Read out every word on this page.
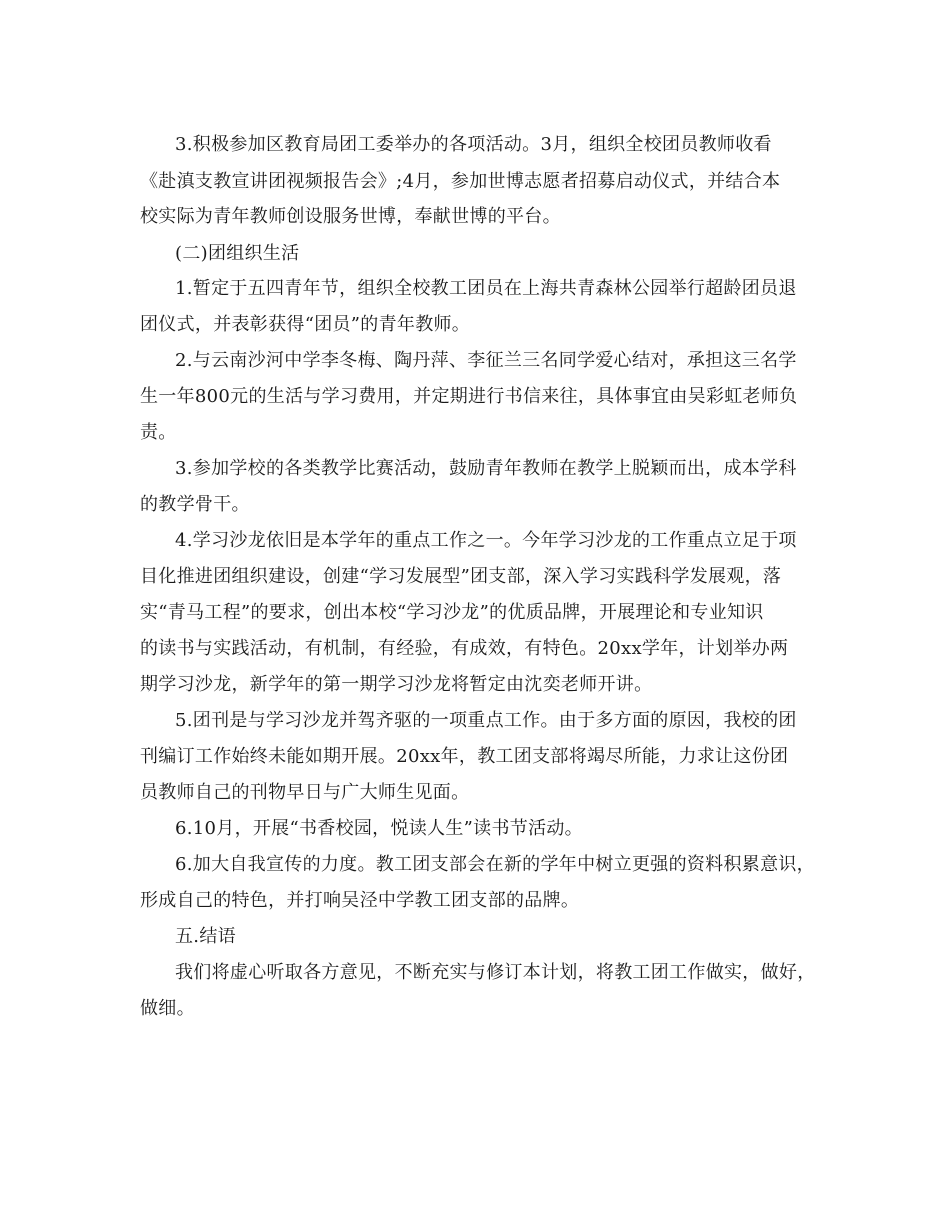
3.积极参加区教育局团工委举办的各项活动。3月，组织全校团员教师收看
《赴滇支教宣讲团视频报告会》;4月，参加世博志愿者招募启动仪式，并结合本
校实际为青年教师创设服务世博，奉献世博的平台。
(二)团组织生活
1.暂定于五四青年节，组织全校教工团员在上海共青森林公园举行超龄团员退
团仪式，并表彰获得“团员”的青年教师。
2.与云南沙河中学李冬梅、陶丹萍、李征兰三名同学爱心结对，承担这三名学
生一年800元的生活与学习费用，并定期进行书信来往，具体事宜由吴彩虹老师负
责。
3.参加学校的各类教学比赛活动，鼓励青年教师在教学上脱颖而出，成本学科
的教学骨干。
4.学习沙龙依旧是本学年的重点工作之一。今年学习沙龙的工作重点立足于项
目化推进团组织建设，创建“学习发展型”团支部，深入学习实践科学发展观，落
实“青马工程”的要求，创出本校“学习沙龙”的优质品牌，开展理论和专业知识
的读书与实践活动，有机制，有经验，有成效，有特色。20xx学年，计划举办两
期学习沙龙，新学年的第一期学习沙龙将暂定由沈奕老师开讲。
5.团刊是与学习沙龙并驾齐驱的一项重点工作。由于多方面的原因，我校的团
刊编订工作始终未能如期开展。20xx年，教工团支部将竭尽所能，力求让这份团
员教师自己的刊物早日与广大师生见面。
6.10月，开展“书香校园，悦读人生”读书节活动。
6.加大自我宣传的力度。教工团支部会在新的学年中树立更强的资料积累意识，
形成自己的特色，并打响吴泾中学教工团支部的品牌。
五.结语
我们将虚心听取各方意见，不断充实与修订本计划，将教工团工作做实，做好，
做细。
